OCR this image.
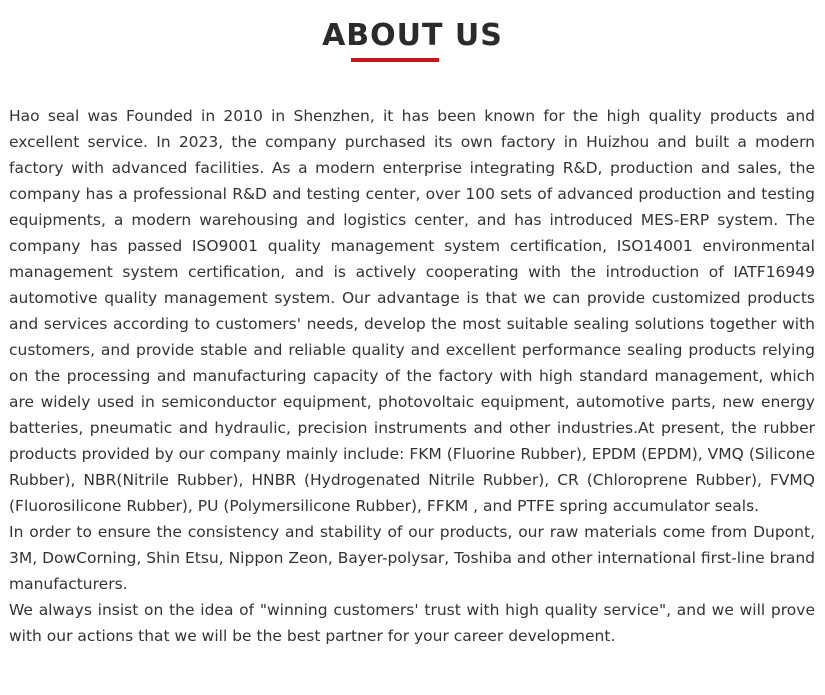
ABOUT US

Hao seal was Founded in 2010 in Shenzhen, it has been known for the high quality products and excellent service. In 2023, the company purchased its own factory in Huizhou and built a modern factory with advanced facilities. As a modern enterprise integrating R&D, production and sales, the company has a professional R&D and testing center, over 100 sets of advanced production and testing equipments, a modern warehousing and logistics center, and has introduced MES-ERP system. The company has passed ISO9001 quality management system certification, ISO14001 environmental management system certification, and is actively cooperating with the introduction of IATF16949 automotive quality management system. Our advantage is that we can provide customized products and services according to customers' needs, develop the most suitable sealing solutions together with customers, and provide stable and reliable quality and excellent performance sealing products relying on the processing and manufacturing capacity of the factory with high standard management, which are widely used in semiconductor equipment, photovoltaic equipment, automotive parts, new energy batteries, pneumatic and hydraulic, precision instruments and other industries.At present, the rubber products provided by our company mainly include: FKM (Fluorine Rubber), EPDM (EPDM), VMQ (Silicone Rubber), NBR(Nitrile Rubber), HNBR (Hydrogenated Nitrile Rubber), CR (Chloroprene Rubber), FVMQ (Fluorosilicone Rubber), PU (Polymersilicone Rubber), FFKM , and PTFE spring accumulator seals.

In order to ensure the consistency and stability of our products, our raw materials come from Dupont, 3M, DowCorning, Shin Etsu, Nippon Zeon, Bayer-polysar, Toshiba and other international first-line brand manufacturers.

We always insist on the idea of "winning customers' trust with high quality service", and we will prove with our actions that we will be the best partner for your career development.
